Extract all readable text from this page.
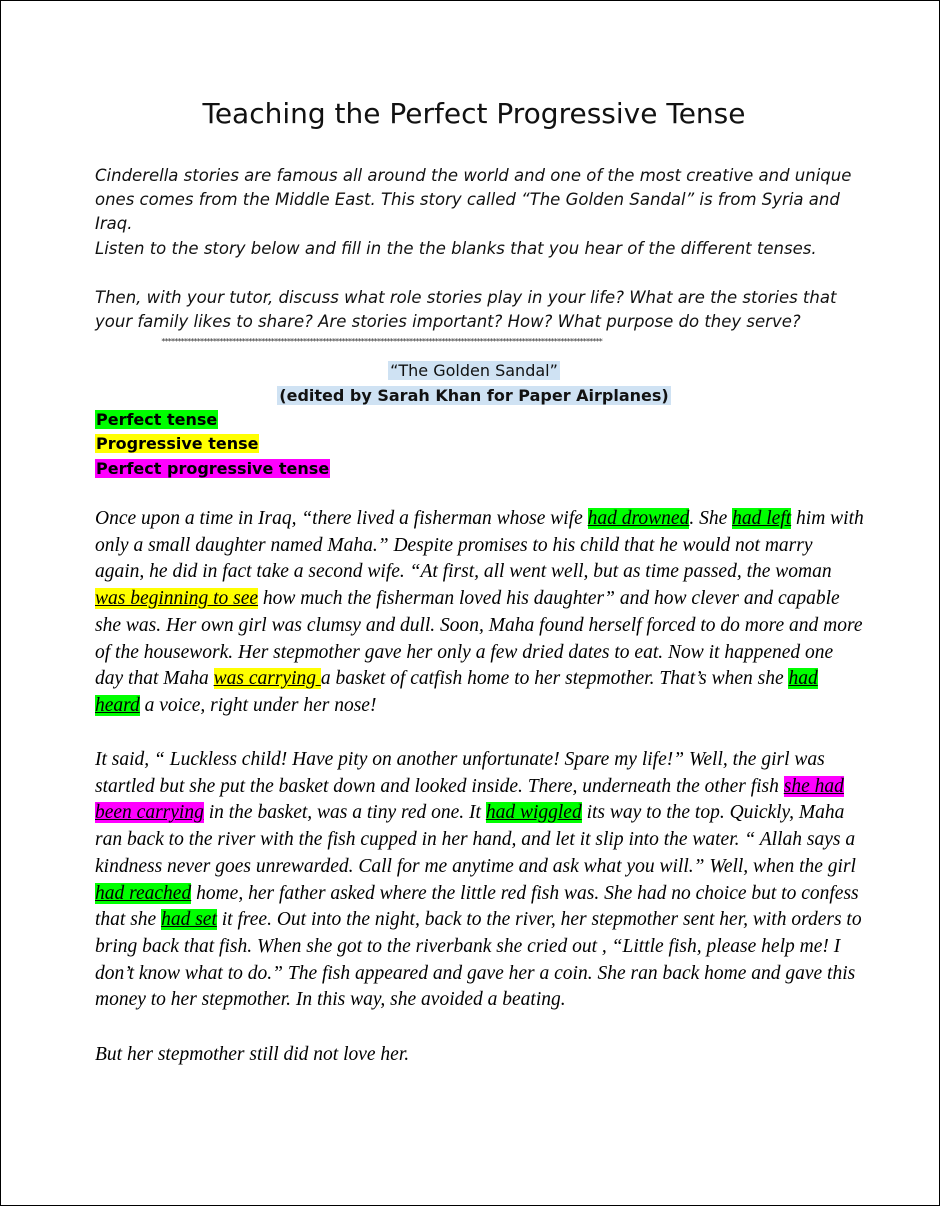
Teaching the Perfect Progressive Tense

Cinderella stories are famous all around the world and one of the most creative and unique ones comes from the Middle East. This story called “The Golden Sandal” is from Syria and Iraq.

Listen to the story below and fill in the the blanks that you hear of the different tenses.

Then, with your tutor, discuss what role stories play in your life? What are the stories that your family likes to share? Are stories important? How? What purpose do they serve?

*****************************************************************************************************************************************
“The Golden Sandal”
(edited by Sarah Khan for Paper Airplanes)
Perfect tense
Progressive tense
Perfect progressive tense

Once upon a time in Iraq, “there lived a fisherman whose wife had drowned. She had left him with only a small daughter named Maha.” Despite promises to his child that he would not marry again, he did in fact take a second wife. “At first, all went well, but as time passed, the woman was beginning to see how much the fisherman loved his daughter” and how clever and capable she was. Her own girl was clumsy and dull. Soon, Maha found herself forced to do more and more of the housework. Her stepmother gave her only a few dried dates to eat. Now it happened one day that Maha was carrying a basket of catfish home to her stepmother. That’s when she had heard a voice, right under her nose!

It said, “ Luckless child! Have pity on another unfortunate! Spare my life!” Well, the girl was startled but she put the basket down and looked inside. There, underneath the other fish she had been carrying in the basket, was a tiny red one. It had wiggled its way to the top. Quickly, Maha ran back to the river with the fish cupped in her hand, and let it slip into the water. “ Allah says a kindness never goes unrewarded. Call for me anytime and ask what you will.” Well, when the girl had reached home, her father asked where the little red fish was. She had no choice but to confess that she had set it free. Out into the night, back to the river, her stepmother sent her, with orders to bring back that fish. When she got to the riverbank she cried out , “Little fish, please help me! I don’t know what to do.” The fish appeared and gave her a coin. She ran back home and gave this money to her stepmother. In this way, she avoided a beating.

But her stepmother still did not love her.
